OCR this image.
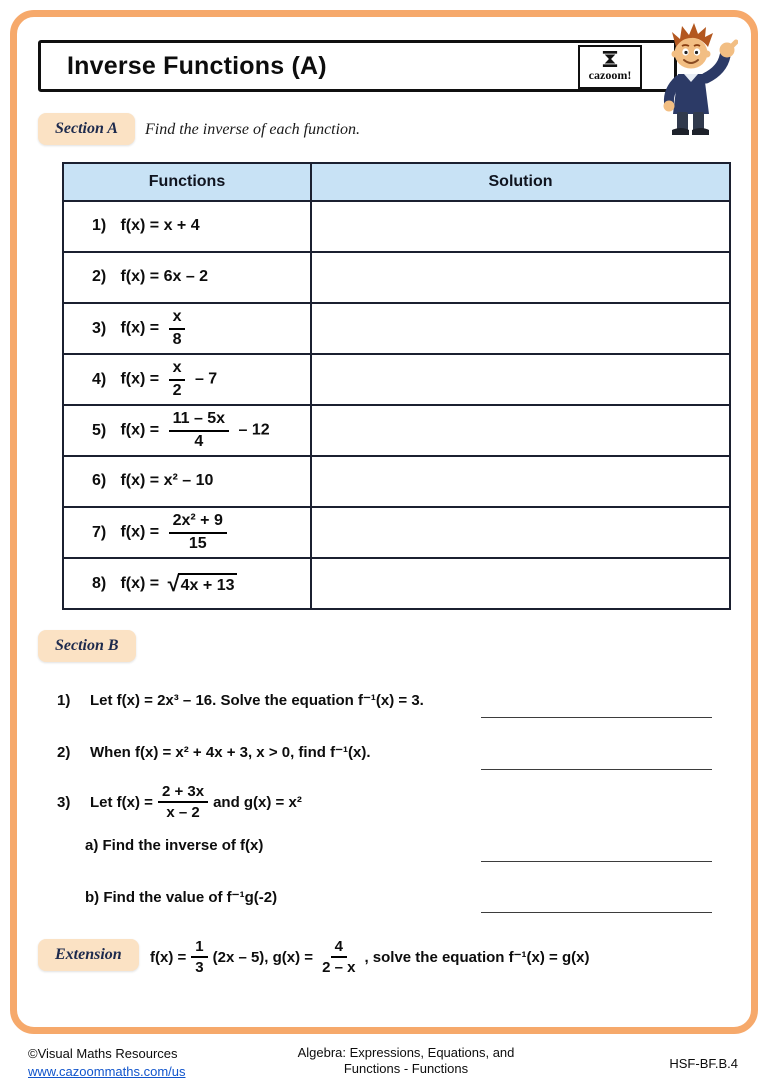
Inverse Functions (A)	cazoom!
Section A	Find the inverse of each function.
Functions	Solution
1) f(x) = x + 4	
2) f(x) = 6x – 2	
3) $f(x) = \frac{x}{8}$

4) $f(x) = \frac{x}{2} - 7$	
5) $f(x) = \frac{11 - 5x}{4} - 12$	
6) f(x) = x² – 10	
7) $f(x) = \frac{\text{2x² + 9}}{15}$

8) f(x) = √ 4x + 13	

Section B
1)	Let f(x) = 2x³ – 16. Solve the equation f⁻¹(x) = 3.
2)	When f(x) = x² + 4x + 3, x > 0, find f⁻¹(x).
3)	Let $f(x) = \frac{2 + 3x}{x - 2}$ and g(x) = x²
a) Find the inverse of f(x)
b) Find the value of f⁻¹g(-2)
Extension	$f(x) = \frac{1}{3} (2x - 5)$, $g(x) = \frac{4}{2 - x}$ , solve the equation f⁻¹(x) = g(x)
©Visual Maths Resources
www.cazoommaths.com/us
Algebra: Expressions, Equations, and
Functions - Functions	HSF-BF.B.4
